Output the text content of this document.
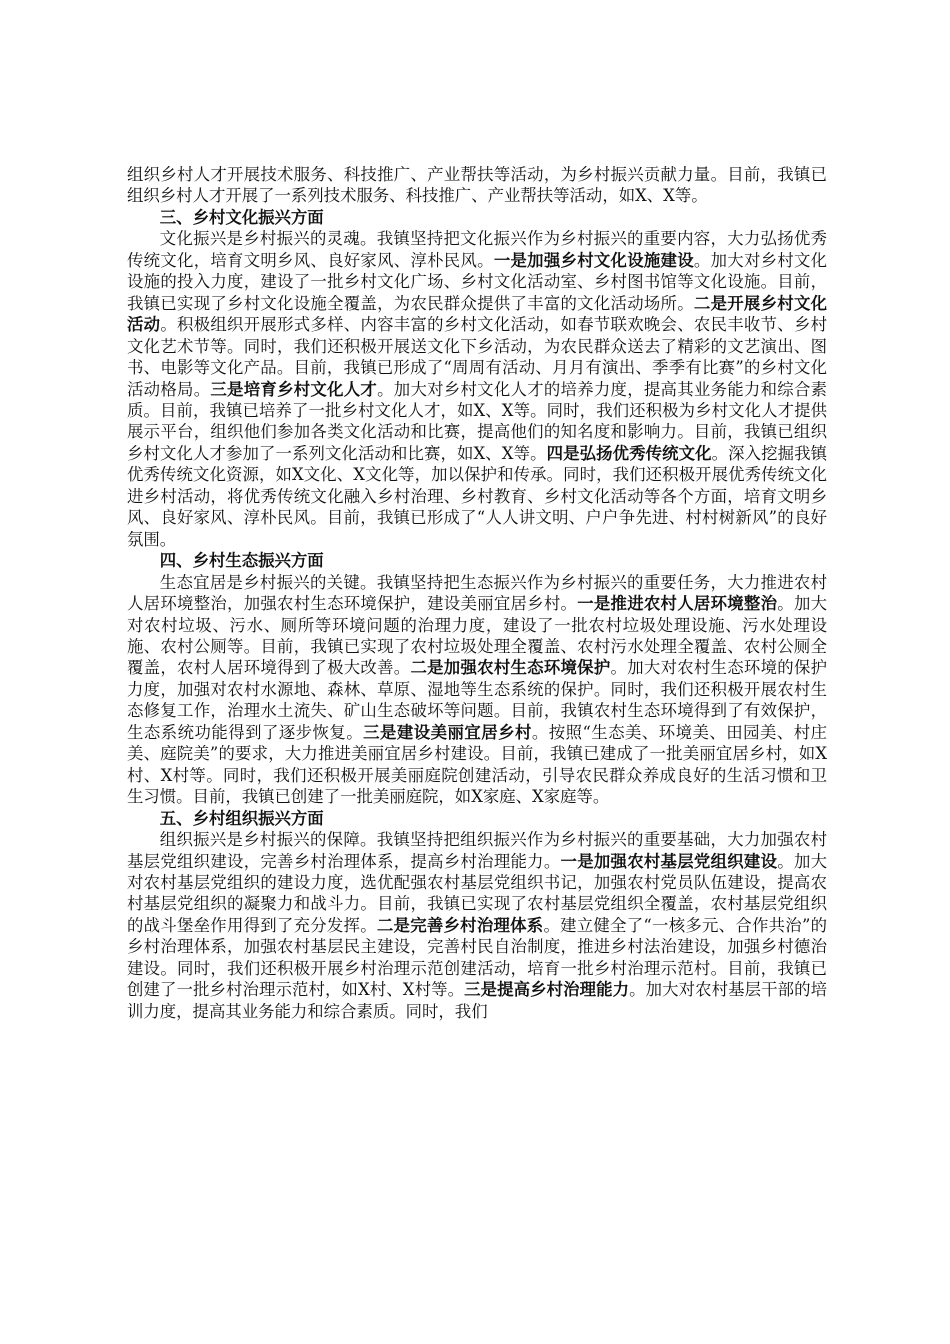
组织乡村人才开展技术服务、科技推广、产业帮扶等活动，为乡村振兴贡献力量。目前，我镇已组织乡村人才开展了一系列技术服务、科技推广、产业帮扶等活动，如X、X等。

三、乡村文化振兴方面

文化振兴是乡村振兴的灵魂。我镇坚持把文化振兴作为乡村振兴的重要内容，大力弘扬优秀传统文化，培育文明乡风、良好家风、淳朴民风。一是加强乡村文化设施建设。加大对乡村文化设施的投入力度，建设了一批乡村文化广场、乡村文化活动室、乡村图书馆等文化设施。目前，我镇已实现了乡村文化设施全覆盖，为农民群众提供了丰富的文化活动场所。二是开展乡村文化活动。积极组织开展形式多样、内容丰富的乡村文化活动，如春节联欢晚会、农民丰收节、乡村文化艺术节等。同时，我们还积极开展送文化下乡活动，为农民群众送去了精彩的文艺演出、图书、电影等文化产品。目前，我镇已形成了“周周有活动、月月有演出、季季有比赛”的乡村文化活动格局。三是培育乡村文化人才。加大对乡村文化人才的培养力度，提高其业务能力和综合素质。目前，我镇已培养了一批乡村文化人才，如X、X等。同时，我们还积极为乡村文化人才提供展示平台，组织他们参加各类文化活动和比赛，提高他们的知名度和影响力。目前，我镇已组织乡村文化人才参加了一系列文化活动和比赛，如X、X等。四是弘扬优秀传统文化。深入挖掘我镇优秀传统文化资源，如X文化、X文化等，加以保护和传承。同时，我们还积极开展优秀传统文化进乡村活动，将优秀传统文化融入乡村治理、乡村教育、乡村文化活动等各个方面，培育文明乡风、良好家风、淳朴民风。目前，我镇已形成了“人人讲文明、户户争先进、村村树新风”的良好氛围。

四、乡村生态振兴方面

生态宜居是乡村振兴的关键。我镇坚持把生态振兴作为乡村振兴的重要任务，大力推进农村人居环境整治，加强农村生态环境保护，建设美丽宜居乡村。一是推进农村人居环境整治。加大对农村垃圾、污水、厕所等环境问题的治理力度，建设了一批农村垃圾处理设施、污水处理设施、农村公厕等。目前，我镇已实现了农村垃圾处理全覆盖、农村污水处理全覆盖、农村公厕全覆盖，农村人居环境得到了极大改善。二是加强农村生态环境保护。加大对农村生态环境的保护力度，加强对农村水源地、森林、草原、湿地等生态系统的保护。同时，我们还积极开展农村生态修复工作，治理水土流失、矿山生态破坏等问题。目前，我镇农村生态环境得到了有效保护，生态系统功能得到了逐步恢复。三是建设美丽宜居乡村。按照“生态美、环境美、田园美、村庄美、庭院美”的要求，大力推进美丽宜居乡村建设。目前，我镇已建成了一批美丽宜居乡村，如X村、X村等。同时，我们还积极开展美丽庭院创建活动，引导农民群众养成良好的生活习惯和卫生习惯。目前，我镇已创建了一批美丽庭院，如X家庭、X家庭等。

五、乡村组织振兴方面

组织振兴是乡村振兴的保障。我镇坚持把组织振兴作为乡村振兴的重要基础，大力加强农村基层党组织建设，完善乡村治理体系，提高乡村治理能力。一是加强农村基层党组织建设。加大对农村基层党组织的建设力度，选优配强农村基层党组织书记，加强农村党员队伍建设，提高农村基层党组织的凝聚力和战斗力。目前，我镇已实现了农村基层党组织全覆盖，农村基层党组织的战斗堡垒作用得到了充分发挥。二是完善乡村治理体系。建立健全了“一核多元、合作共治”的乡村治理体系，加强农村基层民主建设，完善村民自治制度，推进乡村法治建设，加强乡村德治建设。同时，我们还积极开展乡村治理示范创建活动，培育一批乡村治理示范村。目前，我镇已创建了一批乡村治理示范村，如X村、X村等。三是提高乡村治理能力。加大对农村基层干部的培训力度，提高其业务能力和综合素质。同时，我们
